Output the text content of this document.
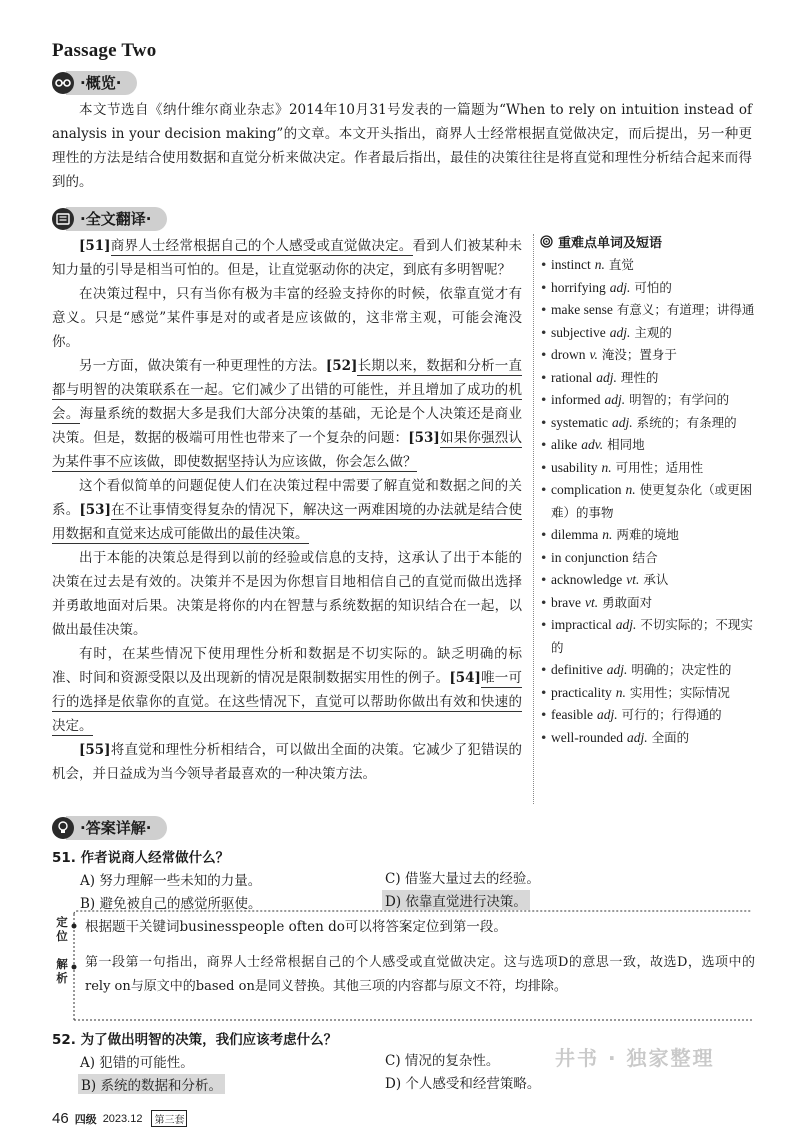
Passage Two
·概览·
本文节选自《纳什维尔商业杂志》2014年10月31号发表的一篇题为“When to rely on intuition instead of analysis in your decision making”的文章。本文开头指出，商界人士经常根据直觉做决定，而后提出，另一种更理性的方法是结合使用数据和直觉分析来做决定。作者最后指出，最佳的决策往往是将直觉和理性分析结合起来而得到的。
·全文翻译·

[51]商界人士经常根据自己的个人感受或直觉做决定。看到人们被某种未知力量的引导是相当可怕的。但是，让直觉驱动你的决定，到底有多明智呢？

在决策过程中，只有当你有极为丰富的经验支持你的时候，依靠直觉才有意义。只是“感觉”某件事是对的或者是应该做的，这非常主观，可能会淹没你。

另一方面，做决策有一种更理性的方法。[52]长期以来，数据和分析一直都与明智的决策联系在一起。它们减少了出错的可能性，并且增加了成功的机会。海量系统的数据大多是我们大部分决策的基础，无论是个人决策还是商业决策。但是，数据的极端可用性也带来了一个复杂的问题：[53]如果你强烈认为某件事不应该做，即使数据坚持认为应该做，你会怎么做？

这个看似简单的问题促使人们在决策过程中需要了解直觉和数据之间的关系。[53]在不让事情变得复杂的情况下，解决这一两难困境的办法就是结合使用数据和直觉来达成可能做出的最佳决策。

出于本能的决策总是得到以前的经验或信息的支持，这承认了出于本能的决策在过去是有效的。决策并不是因为你想盲目地相信自己的直觉而做出选择并勇敢地面对后果。决策是将你的内在智慧与系统数据的知识结合在一起，以做出最佳决策。

有时，在某些情况下使用理性分析和数据是不切实际的。缺乏明确的标准、时间和资源受限以及出现新的情况是限制数据实用性的例子。[54]唯一可行的选择是依靠你的直觉。在这些情况下，直觉可以帮助你做出有效和快速的决定。

[55]将直觉和理性分析相结合，可以做出全面的决策。它减少了犯错误的机会，并日益成为当今领导者最喜欢的一种决策方法。

重难点单词及短语
• instinct n. 直觉
• horrifying adj. 可怕的
• make sense 有意义；有道理；讲得通
• subjective adj. 主观的
• drown v. 淹没；置身于
• rational adj. 理性的
• informed adj. 明智的；有学问的
• systematic adj. 系统的；有条理的
• alike adv. 相同地
• usability n. 可用性；适用性
• complication n. 使更复杂化（或更困难）的事物
• dilemma n. 两难的境地
• in conjunction 结合
• acknowledge vt. 承认
• brave vt. 勇敢面对
• impractical adj. 不切实际的；不现实的
• definitive adj. 明确的；决定性的
• practicality n. 实用性；实际情况
• feasible adj. 可行的；行得通的
• well-rounded adj. 全面的
井书 · 独家整理
·答案详解·
51. 作者说商人经常做什么？
A) 努力理解一些未知的力量。	C) 借鉴大量过去的经验。
B) 避免被自己的感觉所驱使。	D) 依靠直觉进行决策。
定位
根据题干关键词businesspeople often do可以将答案定位到第一段。
解析
第一段第一句指出，商界人士经常根据自己的个人感受或直觉做决定。这与选项D的意思一致，故选D，选项中的rely on与原文中的based on是同义替换。其他三项的内容都与原文不符，均排除。
52. 为了做出明智的决策，我们应该考虑什么？
A) 犯错的可能性。	C) 情况的复杂性。
B) 系统的数据和分析。	D) 个人感受和经营策略。
46 四级 2023.12	第三套
